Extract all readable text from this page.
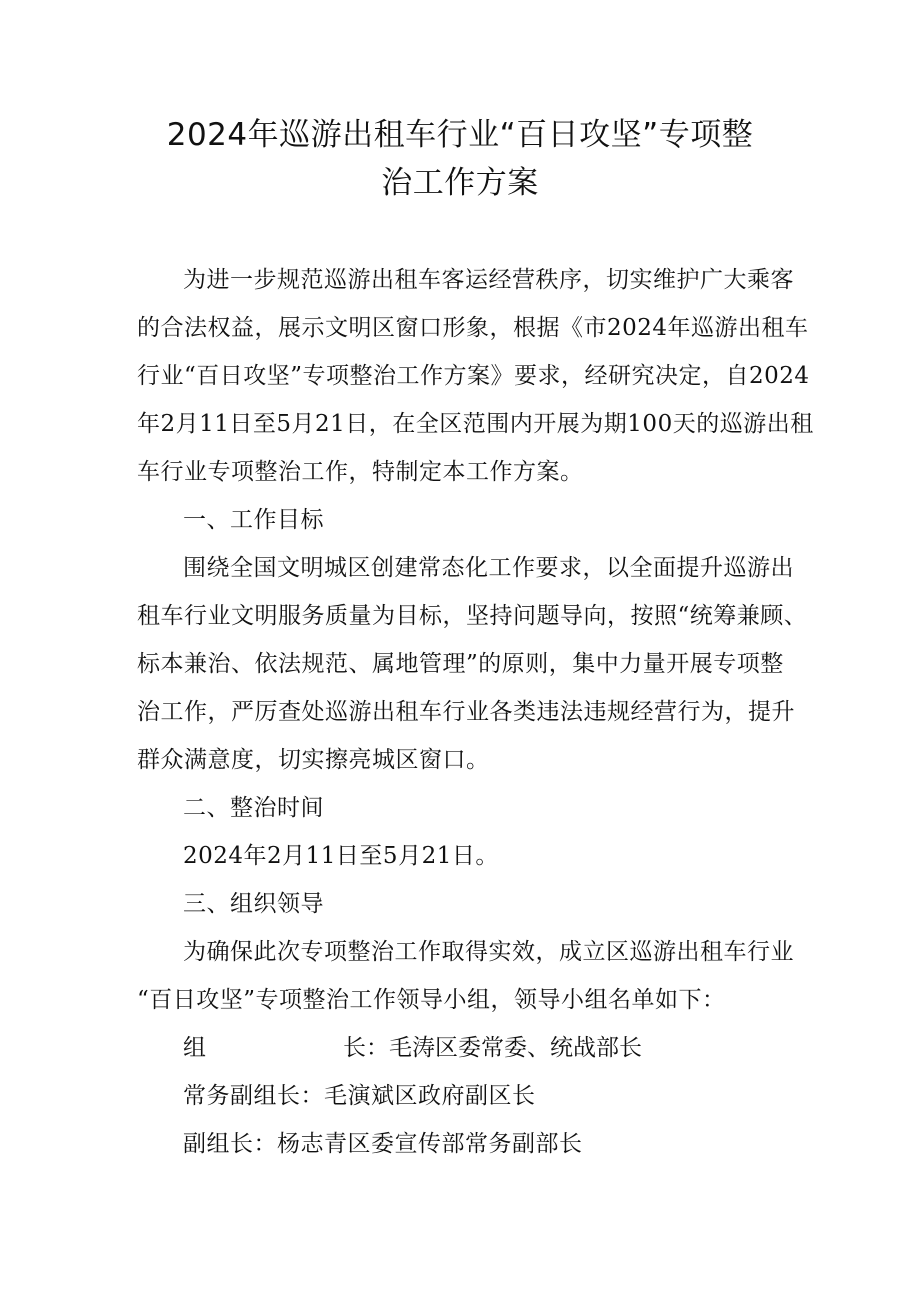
2024年巡游出租车行业“百日攻坚”专项整
治工作方案
为进一步规范巡游出租车客运经营秩序，切实维护广大乘客
的合法权益，展示文明区窗口形象，根据《市2024年巡游出租车
行业“百日攻坚”专项整治工作方案》要求，经研究决定，自2024
年2月11日至5月21日，在全区范围内开展为期100天的巡游出租
车行业专项整治工作，特制定本工作方案。
一、工作目标
围绕全国文明城区创建常态化工作要求，以全面提升巡游出
租车行业文明服务质量为目标，坚持问题导向，按照“统筹兼顾、
标本兼治、依法规范、属地管理”的原则，集中力量开展专项整
治工作，严厉查处巡游出租车行业各类违法违规经营行为，提升
群众满意度，切实擦亮城区窗口。
二、整治时间
2024年2月11日至5月21日。
三、组织领导
为确保此次专项整治工作取得实效，成立区巡游出租车行业
“百日攻坚”专项整治工作领导小组，领导小组名单如下：
组	长：毛涛区委常委、统战部长
常务副组长：毛演斌区政府副区长
副组长：杨志青区委宣传部常务副部长
